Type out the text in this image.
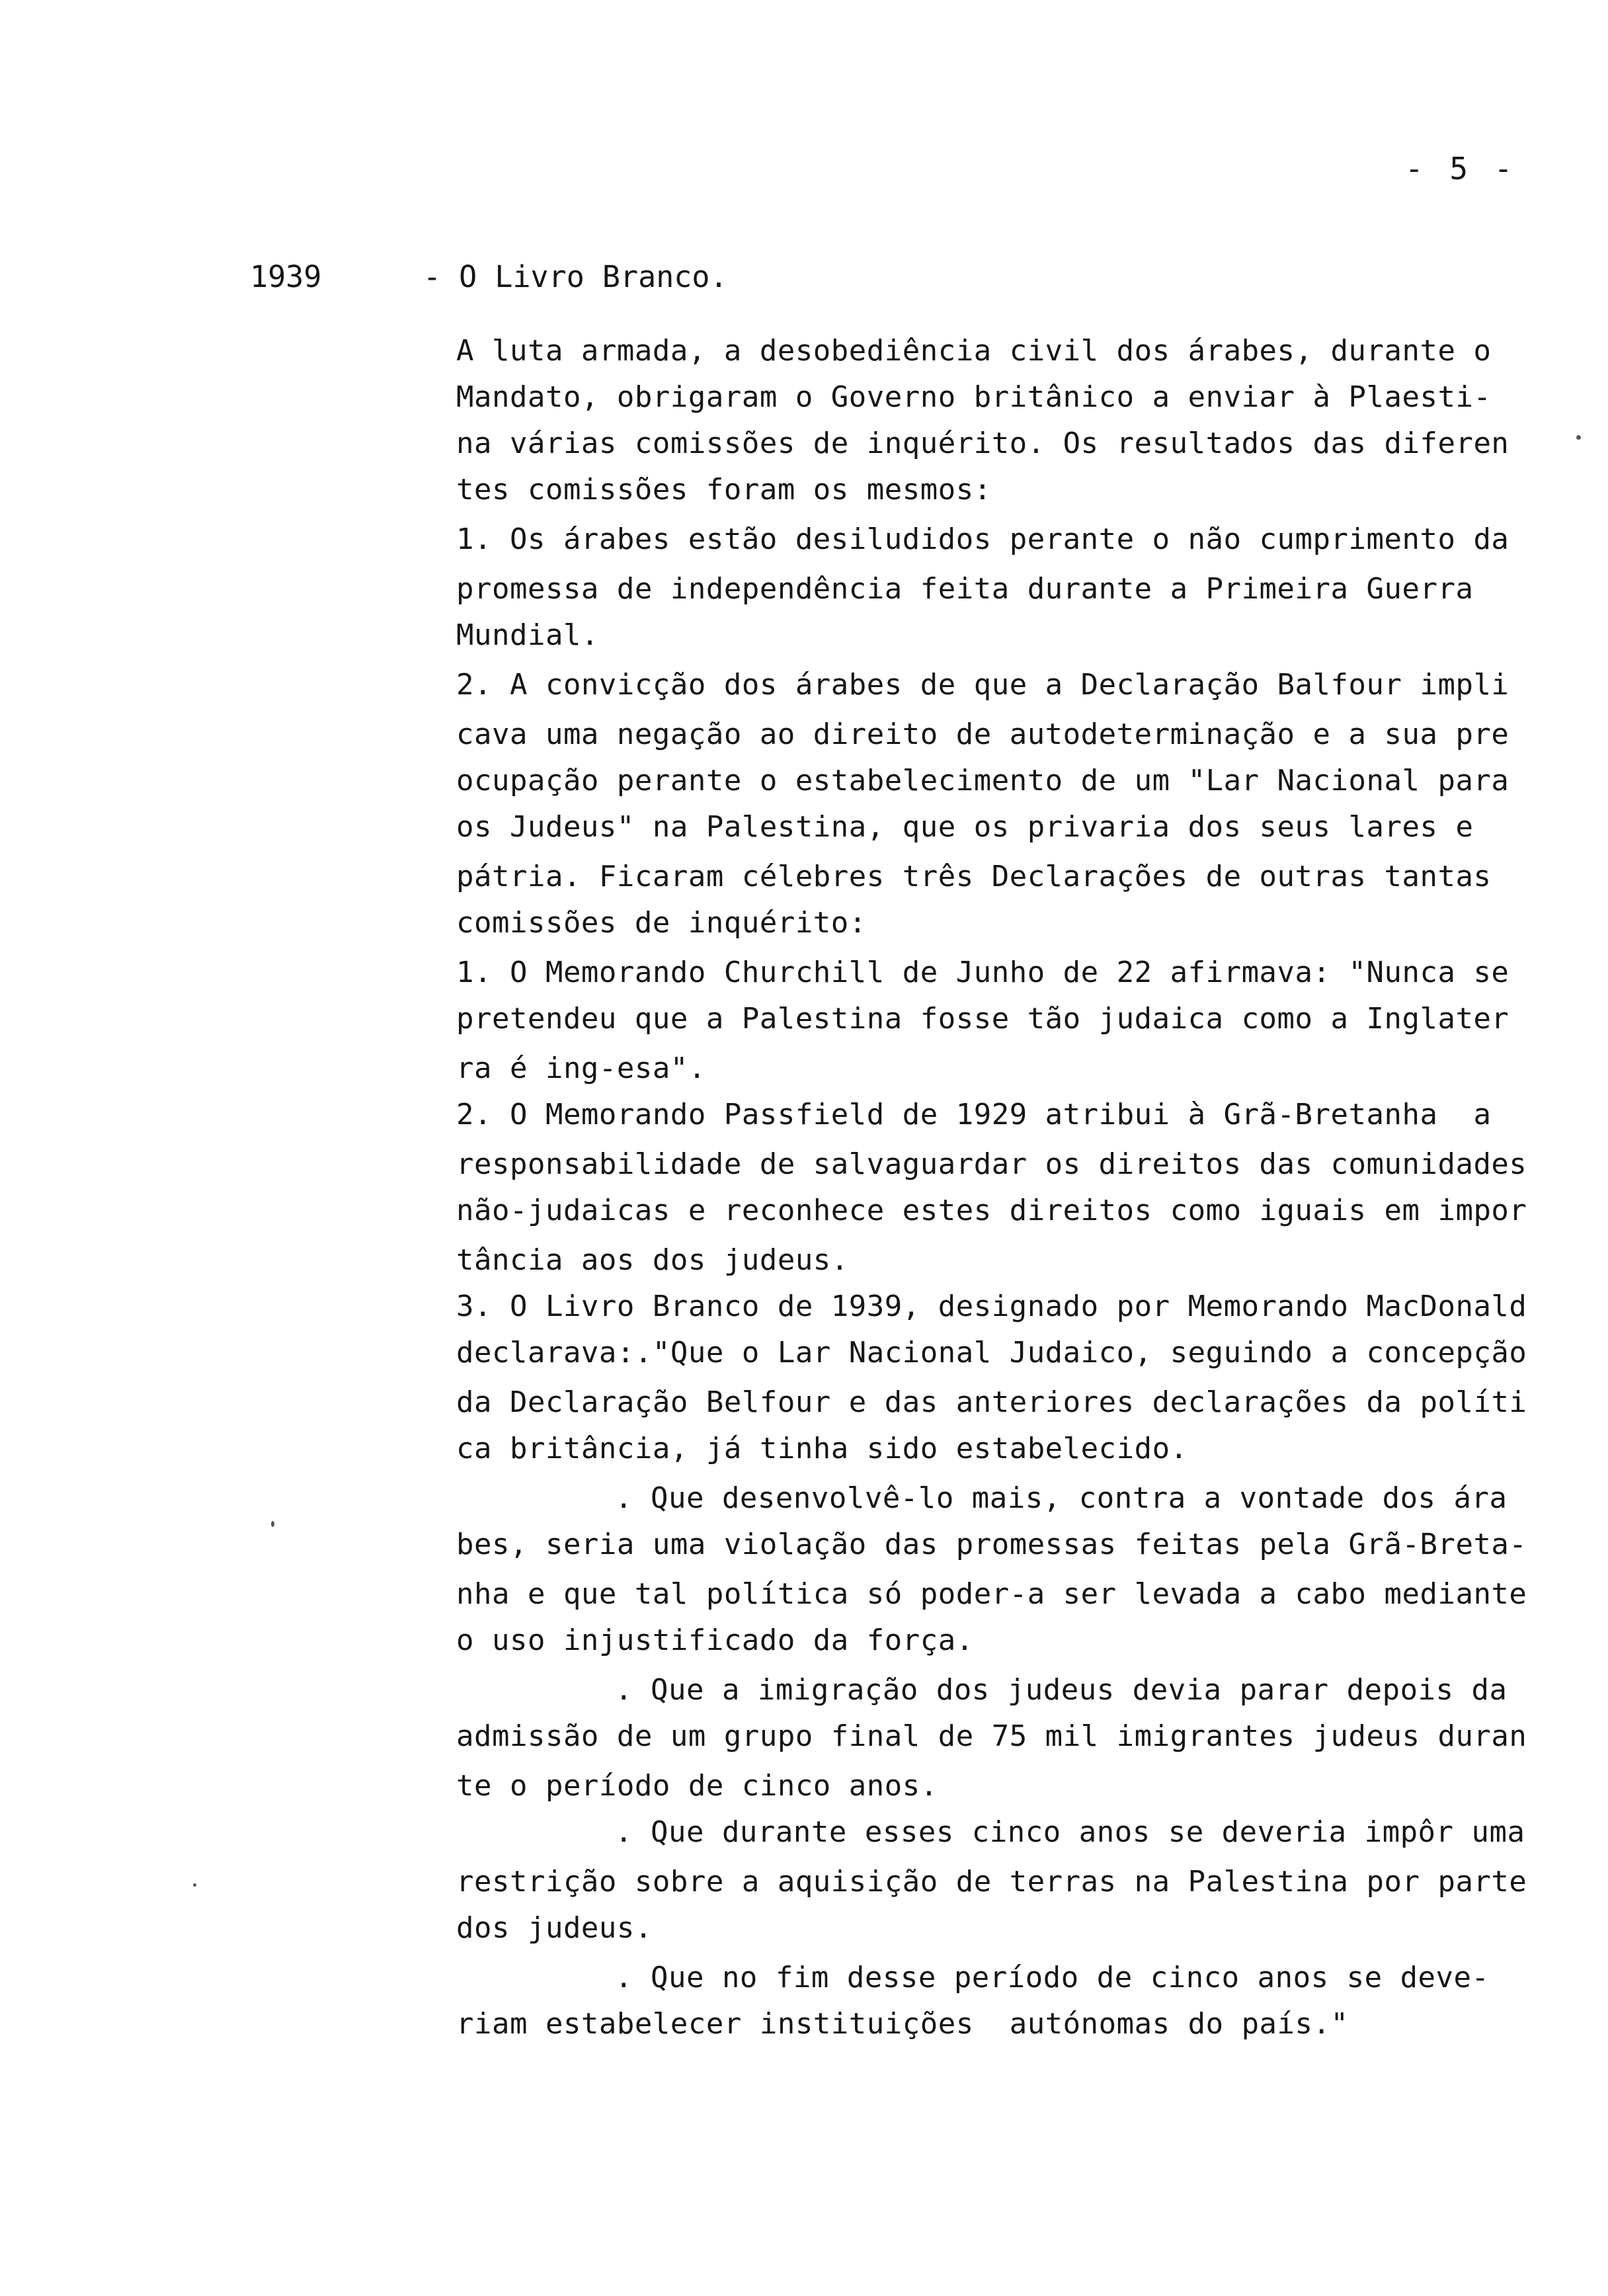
- 5 -
1939	- O Livro Branco.
A luta armada, a desobediência civil dos árabes, durante o
Mandato, obrigaram o Governo britânico a enviar à Plaesti-
na várias comissões de inquérito. Os resultados das diferen
tes comissões foram os mesmos:
1. Os árabes estão desiludidos perante o não cumprimento da
promessa de independência feita durante a Primeira Guerra
Mundial.
2. A convicção dos árabes de que a Declaração Balfour impli
cava uma negação ao direito de autodeterminação e a sua pre
ocupação perante o estabelecimento de um "Lar Nacional para
os Judeus" na Palestina, que os privaria dos seus lares e
pátria. Ficaram célebres três Declarações de outras tantas
comissões de inquérito:
1. O Memorando Churchill de Junho de 22 afirmava: "Nunca se
pretendeu que a Palestina fosse tão judaica como a Inglater
ra é ing-esa".
2. O Memorando Passfield de 1929 atribui à Grã-Bretanha  a
responsabilidade de salvaguardar os direitos das comunidades
não-judaicas e reconhece estes direitos como iguais em impor
tância aos dos judeus.
3. O Livro Branco de 1939, designado por Memorando MacDonald
declarava:."Que o Lar Nacional Judaico, seguindo a concepção
da Declaração Belfour e das anteriores declarações da políti
ca britância, já tinha sido estabelecido.
. Que desenvolvê-lo mais, contra a vontade dos ára
bes, seria uma violação das promessas feitas pela Grã-Breta-
nha e que tal política só poder-a ser levada a cabo mediante
o uso injustificado da força.
. Que a imigração dos judeus devia parar depois da
admissão de um grupo final de 75 mil imigrantes judeus duran
te o período de cinco anos.
. Que durante esses cinco anos se deveria impôr uma
restrição sobre a aquisição de terras na Palestina por parte
dos judeus.
. Que no fim desse período de cinco anos se deve-
riam estabelecer instituições  autónomas do país."
